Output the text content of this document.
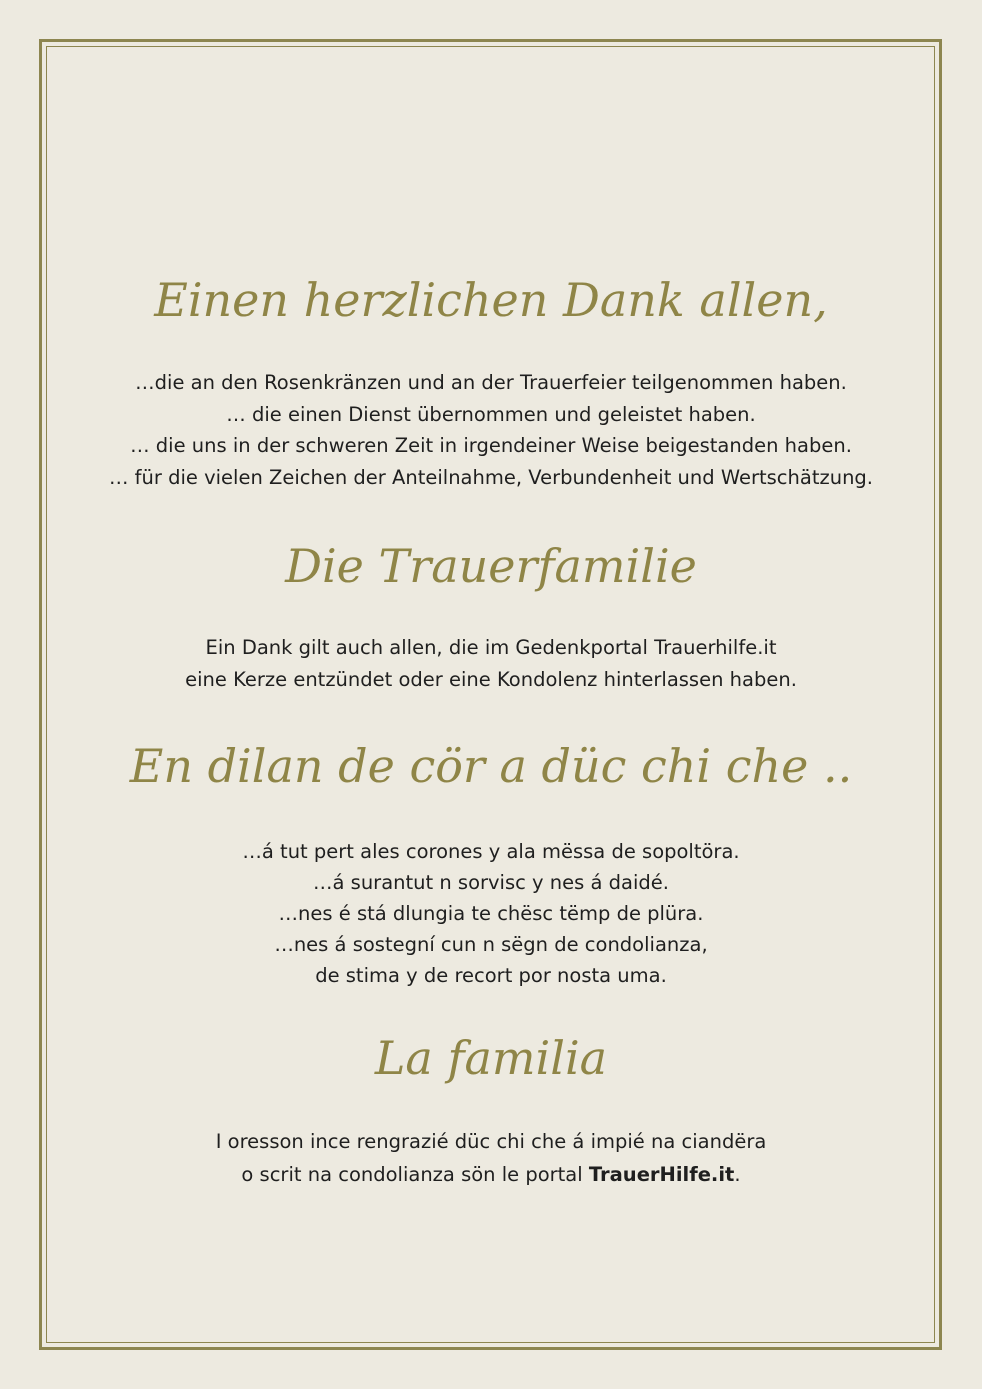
Einen herzlichen Dank allen,
…die an den Rosenkränzen und an der Trauerfeier teilgenommen haben.
… die einen Dienst übernommen und geleistet haben.
… die uns in der schweren Zeit in irgendeiner Weise beigestanden haben.
… für die vielen Zeichen der Anteilnahme, Verbundenheit und Wertschätzung.
Die Trauerfamilie
Ein Dank gilt auch allen, die im Gedenkportal Trauerhilfe.it
eine Kerze entzündet oder eine Kondolenz hinterlassen haben.
En dilan de cör a düc chi che ..
…á tut pert ales corones y ala mëssa de sopoltöra.
…á surantut n sorvisc y nes á daidé.
…nes é stá dlungia te chësc tëmp de plüra.
…nes á sostegní cun n sëgn de condolianza,
de stima y de recort por nosta uma.
La familia
I oresson ince rengrazié düc chi che á impié na ciandëra
o scrit na condolianza sön le portal TrauerHilfe.it.
